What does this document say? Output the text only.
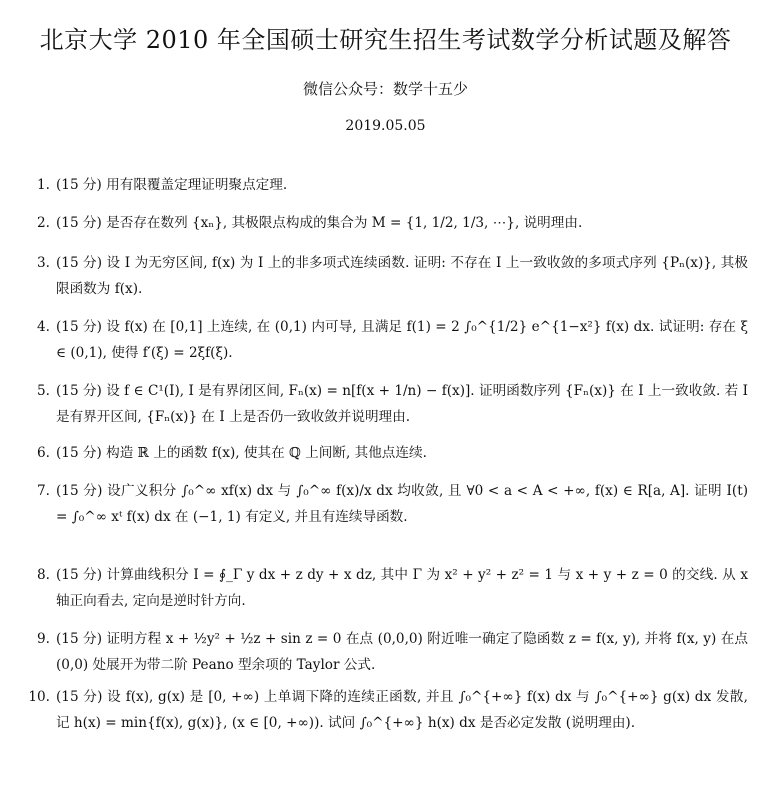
北京大学 2010 年全国硕士研究生招生考试数学分析试题及解答
微信公众号：数学十五少
2019.05.05
1. (15 分) 用有限覆盖定理证明聚点定理.
2. (15 分) 是否存在数列 {xₙ}, 其极限点构成的集合为 M = {1, 1/2, 1/3, ⋯}, 说明理由.
3. (15 分) 设 I 为无穷区间, f(x) 为 I 上的非多项式连续函数. 证明: 不存在 I 上一致收敛的多项式序列 {Pₙ(x)}, 其极限函数为 f(x).
4. (15 分) 设 f(x) 在 [0,1] 上连续, 在 (0,1) 内可导, 且满足 f(1) = 2 ∫₀^{1/2} e^{1−x²} f(x) dx. 试证明: 存在 ξ ∈ (0,1), 使得 f′(ξ) = 2ξf(ξ).
5. (15 分) 设 f ∈ C¹(I), I 是有界闭区间, Fₙ(x) = n[f(x + 1/n) − f(x)]. 证明函数序列 {Fₙ(x)} 在 I 上一致收敛. 若 I 是有界开区间, {Fₙ(x)} 在 I 上是否仍一致收敛并说明理由.
6. (15 分) 构造 ℝ 上的函数 f(x), 使其在 ℚ 上间断, 其他点连续.
7. (15 分) 设广义积分 ∫₀^∞ xf(x) dx 与 ∫₀^∞ f(x)/x dx 均收敛, 且 ∀0 < a < A < +∞, f(x) ∈ R[a, A]. 证明 I(t) = ∫₀^∞ xᵗ f(x) dx 在 (−1, 1) 有定义, 并且有连续导函数.
8. (15 分) 计算曲线积分 I = ∮_Γ y dx + z dy + x dz, 其中 Γ 为 x² + y² + z² = 1 与 x + y + z = 0 的交线. 从 x 轴正向看去, 定向是逆时针方向.
9. (15 分) 证明方程 x + ½y² + ½z + sin z = 0 在点 (0,0,0) 附近唯一确定了隐函数 z = f(x, y), 并将 f(x, y) 在点 (0,0) 处展开为带二阶 Peano 型余项的 Taylor 公式.
10. (15 分) 设 f(x), g(x) 是 [0, +∞) 上单调下降的连续正函数, 并且 ∫₀^{+∞} f(x) dx 与 ∫₀^{+∞} g(x) dx 发散, 记 h(x) = min{f(x), g(x)}, (x ∈ [0, +∞)). 试问 ∫₀^{+∞} h(x) dx 是否必定发散 (说明理由).
